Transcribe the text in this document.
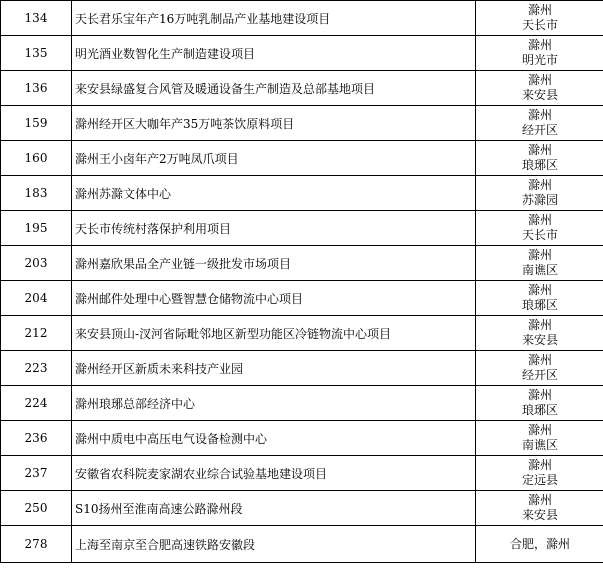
134	天长君乐宝年产16万吨乳制品产业基地建设项目	滁州
天长市

135	明光酒业数智化生产制造建设项目	滁州
明光市

136	来安县绿盛复合风管及暖通设备生产制造及总部基地项目	滁州
来安县

159	滁州经开区大咖年产35万吨茶饮原料项目	滁州
经开区

160	滁州王小卤年产2万吨凤爪项目	滁州
琅琊区

183	滁州苏滁文体中心	滁州
苏滁园

195	天长市传统村落保护利用项目	滁州
天长市

203	滁州嘉欣果品全产业链一级批发市场项目	滁州
南谯区

204	滁州邮件处理中心暨智慧仓储物流中心项目	滁州
琅琊区

212	来安县顶山-汊河省际毗邻地区新型功能区冷链物流中心项目	滁州
来安县

223	滁州经开区新质未来科技产业园	滁州
经开区

224	滁州琅琊总部经济中心	滁州
琅琊区

236	滁州中质电中高压电气设备检测中心	滁州
南谯区

237	安徽省农科院麦家湖农业综合试验基地建设项目	滁州
定远县

250	S10扬州至淮南高速公路滁州段	滁州
来安县

278	上海至南京至合肥高速铁路安徽段	合肥，滁州
